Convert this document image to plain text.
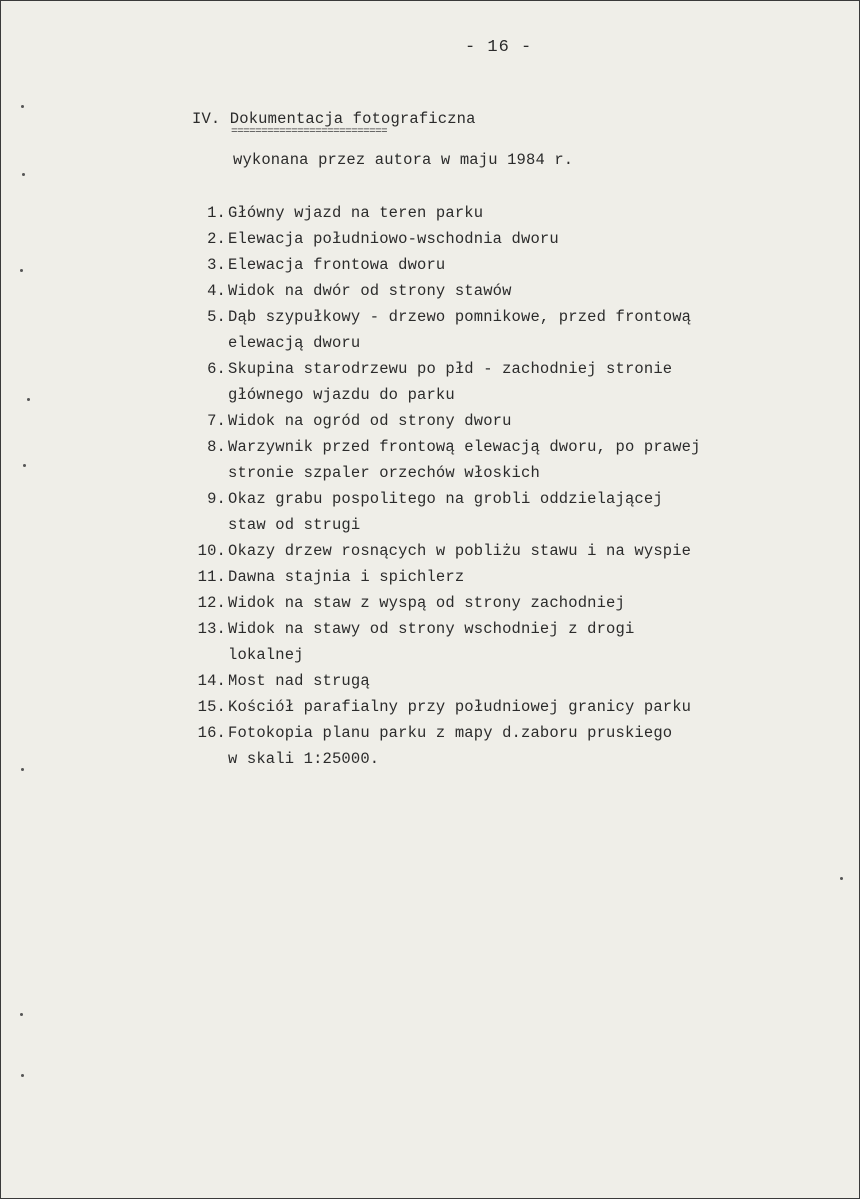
- 16 -
IV. Dokumentacja fotograficzna
==========================
wykonana przez autora w maju 1984 r.
1. Główny wjazd na teren parku
2. Elewacja południowo-wschodnia dworu
3. Elewacja frontowa dworu
4. Widok na dwór od strony stawów
5. Dąb szypułkowy - drzewo pomnikowe, przed frontową
elewacją dworu
6. Skupina starodrzewu po płd - zachodniej stronie
głównego wjazdu do parku
7. Widok na ogród od strony dworu
8. Warzywnik przed frontową elewacją dworu, po prawej
stronie szpaler orzechów włoskich
9. Okaz grabu pospolitego na grobli oddzielającej
staw od strugi
10. Okazy drzew rosnących w pobliżu stawu i na wyspie
11. Dawna stajnia i spichlerz
12. Widok na staw z wyspą od strony zachodniej
13. Widok na stawy od strony wschodniej z drogi
lokalnej
14. Most nad strugą
15. Kościół parafialny przy południowej granicy parku
16. Fotokopia planu parku z mapy d.zaboru pruskiego
w skali 1:25000.
